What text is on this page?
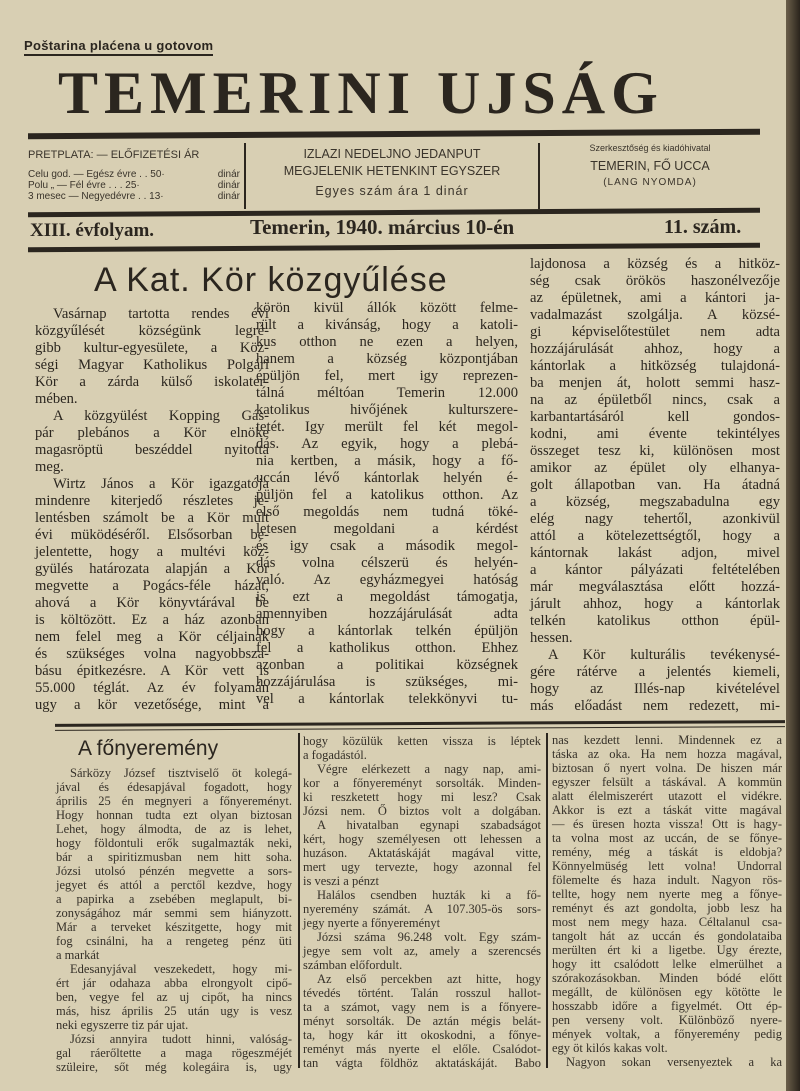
Poštarina plaćena u gotovom
TEMERINI UJSÁG
PRETPLATA: — ELŐFIZETÉSI ÁR
Celu god. — Egész évre . . 50·	dinár
Polu „ — Fél évre . . . 25·	dinár
3 mesec — Negyedévre . . 13·	dinár
IZLAZI NEDELJNO JEDANPUT
MEGJELENIK HETENKINT EGYSZER
Egyes szám ára 1 dinár
Szerkesztőség és kiadóhivatal
TEMERIN, FŐ UCCA
(LANG NYOMDA)
XIII. évfolyam.	Temerin, 1940. március 10-én	11. szám.
A Kat. Kör közgyűlése
Vasárnap tartotta rendes évi
közgyűlését községünk legré-
gibb kultur-egyesülete, a Köz-
ségi Magyar Katholikus Polgári
Kör a zárda külső iskolater-
mében.
A közgyülést Kopping Gás-
pár plebános a Kör elnöke
magasröptü beszéddel nyitotta
meg.
Wirtz János a Kör igazgatója
mindenre kiterjedő részletes je-
lentésben számolt be a Kör mult
évi müködéséről. Elsősorban be-
jelentette, hogy a multévi köz-
gyülés határozata alapján a Kör
megvette a Pogács-féle házat,
ahová a Kör könyvtárával be
is költözött. Ez a ház azonban
nem felel meg a Kör céljainak
és szükséges volna nagyobbsza-
básu épitkezésre. A Kör vett is
55.000 téglát. Az év folyamán
ugy a kör vezetősége, mint a
körön kivül állók között felme-
rült a kivánság, hogy a katoli-
kus otthon ne ezen a helyen,
hanem a község központjában
épüljön fel, mert igy reprezen-
tálná méltóan Temerin 12.000
katolikus hivőjének kulturszere-
tetét. Igy merült fel két megol-
dás. Az egyik, hogy a plebá-
nia kertben, a másik, hogy a fő-
uccán lévő kántorlak helyén é-
püljön fel a katolikus otthon. Az
első megoldás nem tudná töké-
letesen megoldani a kérdést
és igy csak a második megol-
dás volna célszerü és helyén-
való. Az egyházmegyei hatóság
is ezt a megoldást támogatja,
amennyiben hozzájárulását adta
hogy a kántorlak telkén épüljön
fel a katholikus otthon. Ehhez
azonban a politikai községnek
hozzájárulása is szükséges, mi-
vel a kántorlak telekkönyvi tu-
lajdonosa a község és a hitköz-
ség csak örökös haszonélvezője
az épületnek, ami a kántori ja-
vadalmazást szolgálja. A közsé-
gi képviselőtestület nem adta
hozzájárulását ahhoz, hogy a
kántorlak a hitközség tulajdoná-
ba menjen át, holott semmi hasz-
na az épületből nincs, csak a
karbantartásáról kell gondos-
kodni, ami évente tekintélyes
összeget tesz ki, különösen most
amikor az épület oly elhanya-
golt állapotban van. Ha átadná
a község, megszabadulna egy
elég nagy tehertől, azonkivül
attól a kötelezettségtől, hogy a
kántornak lakást adjon, mivel
a kántor pályázati feltételében
már megválasztása előtt hozzá-
járult ahhoz, hogy a kántorlak
telkén katolikus otthon épül-
hessen.
A Kör kulturális tevékenysé-
gére rátérve a jelentés kiemeli,
hogy az Illés-nap kivételével
más előadást nem redezett, mi-
A főnyeremény
Sárközy József tisztviselő öt kolegá-
jával és édesapjával fogadott, hogy
április 25 én megnyeri a főnyereményt.
Hogy honnan tudta ezt olyan biztosan
Lehet, hogy álmodta, de az is lehet,
hogy földontuli erők sugalmazták neki,
bár a spiritizmusban nem hitt soha.
Józsi utolsó pénzén megvette a sors-
jegyet és attól a perctől kezdve, hogy
a papirka a zsebében meglapult, bi-
zonyságához már semmi sem hiányzott.
Már a terveket készitgette, hogy mit
fog csinálni, ha a rengeteg pénz üti
a markát
Edesanyjával veszekedett, hogy mi-
ért jár odahaza abba elrongyolt cipő-
ben, vegye fel az uj cipőt, ha nincs
más, hisz április 25 után ugy is vesz
neki egyszerre tiz pár ujat.
Józsi annyira tudott hinni, valóság-
gal ráerőltette a maga rögeszméjét
szüleire, sőt még kolegáira is, ugy
hogy közülük ketten vissza is léptek
a fogadástól.
Végre elérkezett a nagy nap, ami-
kor a főnyereményt sorsolták. Minden-
ki reszketett hogy mi lesz? Csak
Józsi nem. Ő biztos volt a dolgában.
A hivatalban egynapi szabadságot
kért, hogy személyesen ott lehessen a
huzáson. Aktatáskáját magával vitte,
mert ugy tervezte, hogy azonnal fel
is veszi a pénzt
Halálos csendben huzták ki a fő-
nyeremény számát. A 107.305-ös sors-
jegy nyerte a főnyereményt
Józsi száma 96.248 volt. Egy szám-
jegye sem volt az, amely a szerencsés
számban előfordult.
Az első percekben azt hitte, hogy
tévedés történt. Talán rosszul hallot-
ta a számot, vagy nem is a főnyere-
ményt sorsolták. De aztán mégis belát-
ta, hogy kár itt okoskodni, a főnye-
reményt más nyerte el előle. Csalódot-
tan vágta földhöz aktatáskáját. Babo
nas kezdett lenni. Mindennek ez a
táska az oka. Ha nem hozza magával,
biztosan ő nyert volna. De hiszen már
egyszer felsült a táskával. A kommün
alatt élelmiszerért utazott el vidékre.
Akkor is ezt a táskát vitte magával
— és üresen hozta vissza! Ott is hagy-
ta volna most az uccán, de se főnye-
remény, még a táskát is eldobja?
Könnyelmüség lett volna! Undorral
fölemelte és haza indult. Nagyon rös-
tellte, hogy nem nyerte meg a főnye-
reményt és azt gondolta, jobb lesz ha
most nem megy haza. Céltalanul csa-
tangolt hát az uccán és gondolataiba
merülten ért ki a ligetbe. Ugy érezte,
hogy itt csalódott lelke elmerülhet a
szórakozásokban. Minden bódé előtt
megállt, de különösen egy kötötte le
hosszabb időre a figyelmét. Ott ép-
pen verseny volt. Különböző nyere-
mények voltak, a főnyeremény pedig
egy öt kilós kakas volt.
Nagyon sokan versenyeztek a ka
